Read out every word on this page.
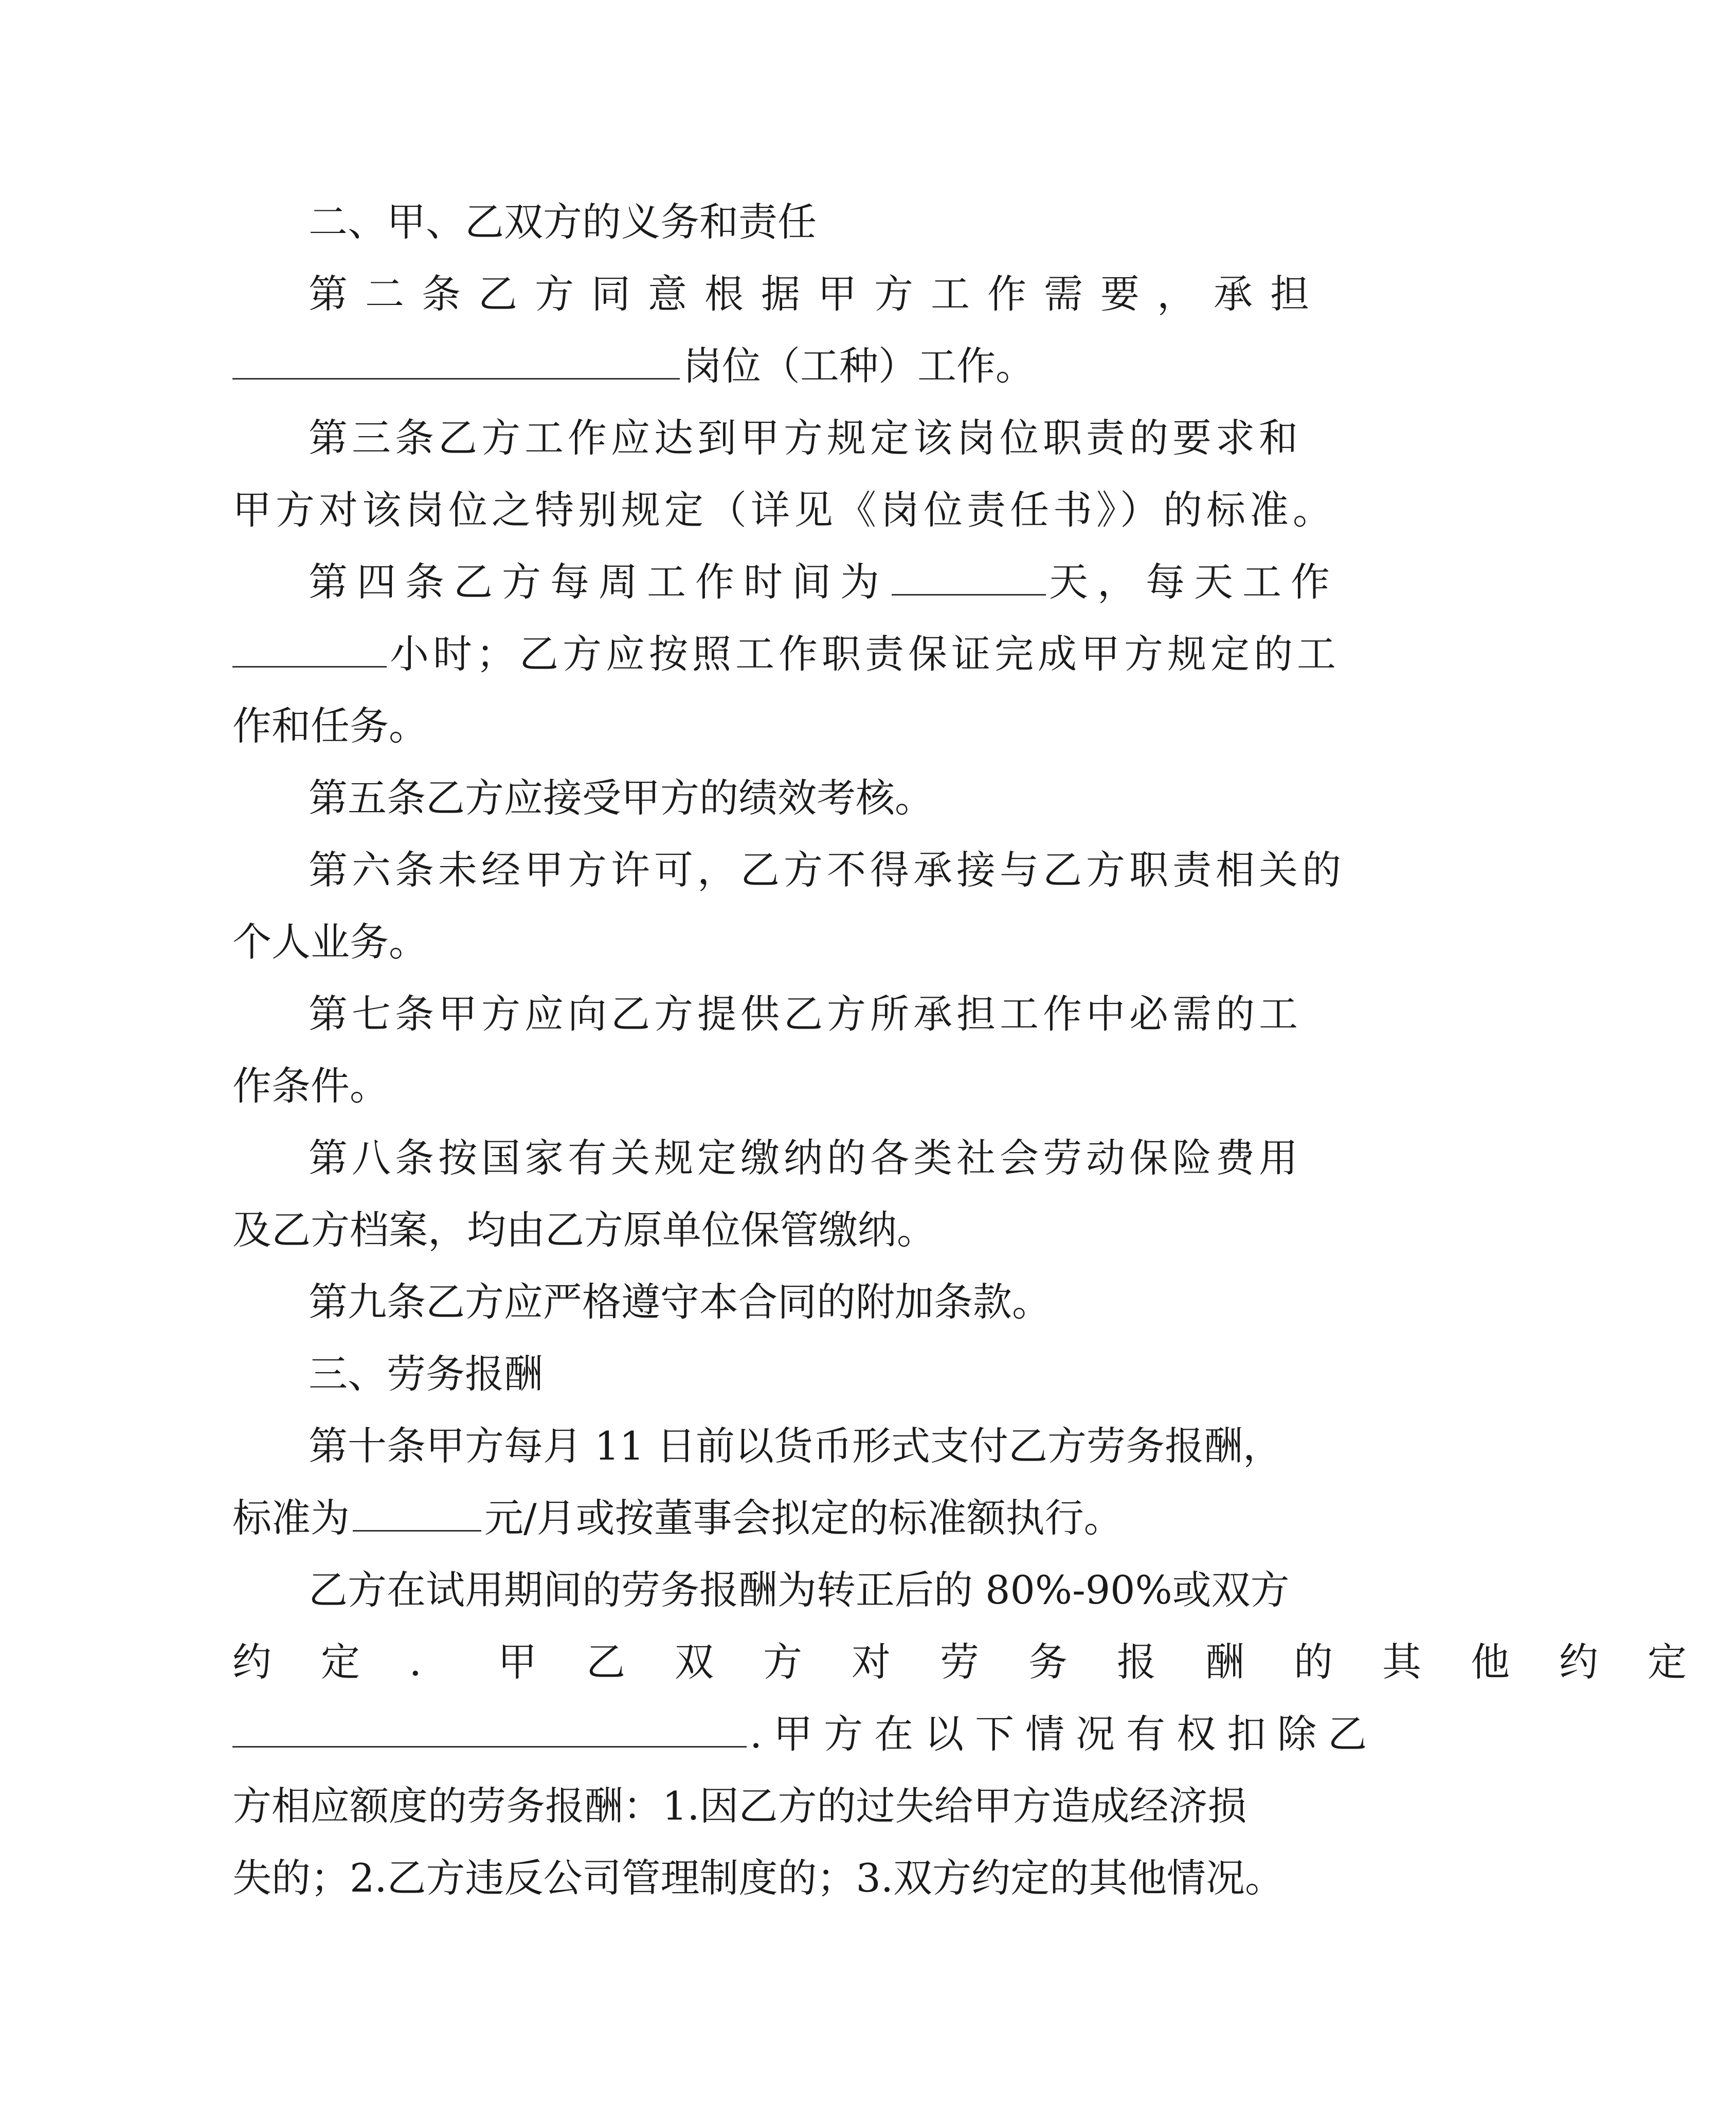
二、甲、乙双方的义务和责任
第二条乙方同意根据甲方工作需要，承担
岗位（工种）工作。
第三条乙方工作应达到甲方规定该岗位职责的要求和
甲方对该岗位之特别规定（详见《岗位责任书》）的标准。
第四条乙方每周工作时间为	天，每天工作
小时；乙方应按照工作职责保证完成甲方规定的工
作和任务。
第五条乙方应接受甲方的绩效考核。
第六条未经甲方许可，乙方不得承接与乙方职责相关的
个人业务。
第七条甲方应向乙方提供乙方所承担工作中必需的工
作条件。
第八条按国家有关规定缴纳的各类社会劳动保险费用
及乙方档案，均由乙方原单位保管缴纳。
第九条乙方应严格遵守本合同的附加条款。
三、劳务报酬
第十条甲方每月 11 日前以货币形式支付乙方劳务报酬，
标准为	元/月或按董事会拟定的标准额执行。
乙方在试用期间的劳务报酬为转正后的 80%-90%或双方
约定．甲乙双方对劳务报酬的其他约定
.甲方在以下情况有权扣除乙
方相应额度的劳务报酬：1.因乙方的过失给甲方造成经济损
失的；2.乙方违反公司管理制度的；3.双方约定的其他情况。
